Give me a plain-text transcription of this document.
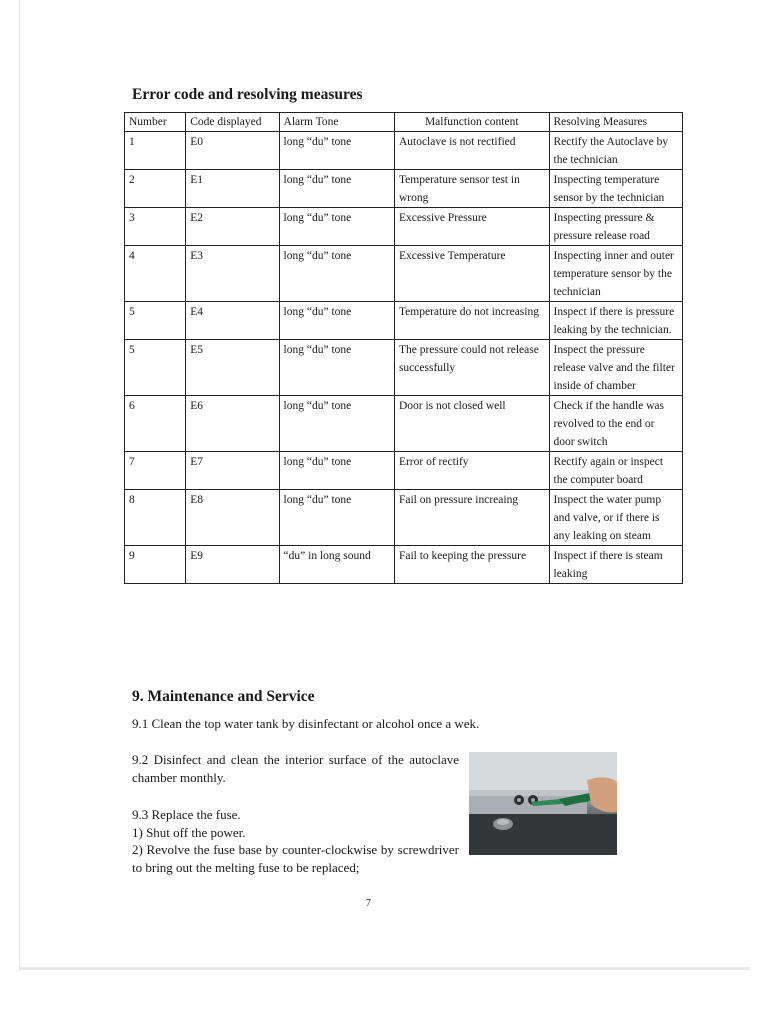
Error code and resolving measures
Number	Code displayed	Alarm Tone	Malfunction content	Resolving Measures
1	E0	long “du” tone	Autoclave is not rectified	Rectify the Autoclave by the technician
2	E1	long “du” tone	Temperature sensor test in wrong	Inspecting temperature sensor by the technician
3	E2	long “du” tone	Excessive Pressure	Inspecting pressure & pressure release road
4	E3	long “du” tone	Excessive Temperature	Inspecting inner and outer temperature sensor by the technician
5	E4	long “du” tone	Temperature do not increasing	Inspect if there is pressure leaking by the technician.
5	E5	long “du” tone	The pressure could not release successfully	Inspect the pressure release valve and the filter inside of chamber
6	E6	long “du” tone	Door is not closed well	Check if the handle was revolved to the end or door switch
7	E7	long “du” tone	Error of rectify	Rectify again or inspect the computer board
8	E8	long “du” tone	Fail on pressure increaing	Inspect the water pump and valve, or if there is any leaking on steam
9	E9	“du” in long sound	Fail to keeping the pressure	Inspect if there is steam leaking
9. Maintenance and Service

9.1 Clean the top water tank by disinfectant or alcohol once a wek.

9.2 Disinfect and clean the interior surface of the autoclave chamber monthly.

9.3 Replace the fuse.
1) Shut off the power.
2) Revolve the fuse base by counter-clockwise by screwdriver to bring out the melting fuse to be replaced;

7
